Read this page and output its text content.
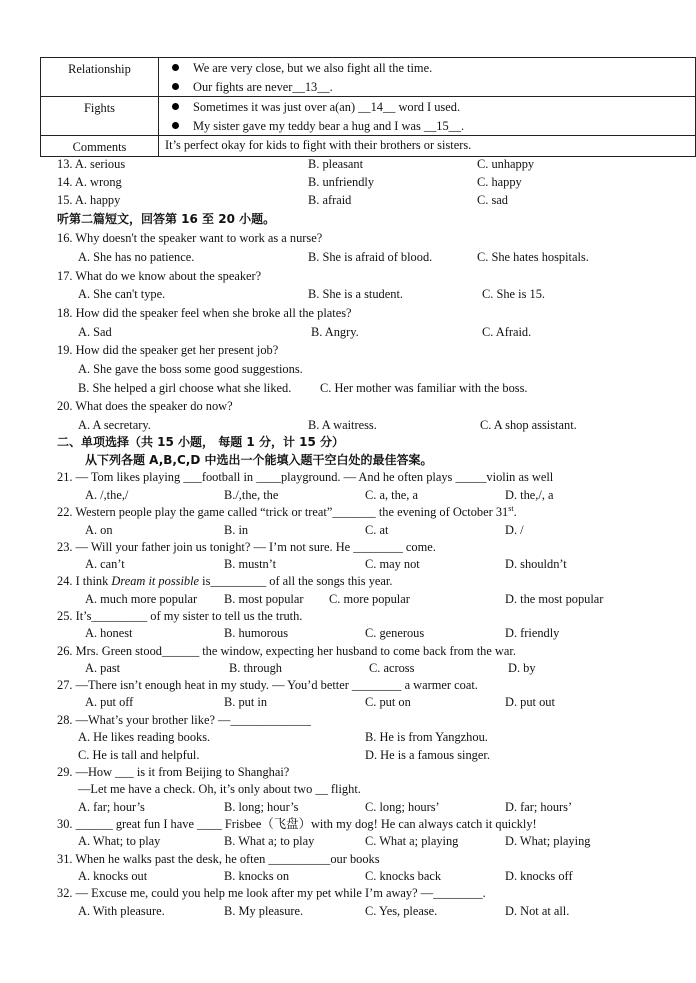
Relationship	We are very close, but we also fight all the time.
Our fights are never__13__.

Fights	Sometimes it was just over a(an) __14__ word I used.
My sister gave my teddy bear a hug and I was __15__.

Comments	It’s perfect okay for kids to fight with their brothers or sisters.
13. A. serious	B. pleasant	C. unhappy
14. A. wrong	B. unfriendly	C. happy
15. A. happy	B. afraid	C. sad
听第二篇短文，回答第 16 至 20 小题。
16. Why doesn't the speaker want to work as a nurse?
A. She has no patience.	B. She is afraid of blood.	C. She hates hospitals.
17. What do we know about the speaker?
A. She can't type.	B. She is a student.	C. She is 15.
18. How did the speaker feel when she broke all the plates?
A. Sad	B. Angry.	C. Afraid.
19. How did the speaker get her present job?
A. She gave the boss some good suggestions.
B. She helped a girl choose what she liked. C. Her mother was familiar with the boss.
20. What does the speaker do now?
A. A secretary.	B. A waitress.	C. A shop assistant.
二、单项选择（共 15 小题， 每题 1 分，计 15 分）
从下列各题 A,B,C,D 中选出一个能填入题干空白处的最佳答案。
21. — Tom likes playing ___football in ____playground. — And he often plays _____violin as well
A. /,the,/	B./,the, the	C. a, the, a	D. the,/, a
22. Western people play the game called “trick or treat”_______ the evening of October 31st.
A. on	B. in	C. at	D. /
23. — Will your father join us tonight? — I’m not sure. He ________ come.
A. can’t	B. mustn’t	C. may not	D. shouldn’t
24. I think Dream it possible is_________ of all the songs this year.
A. much more popular B. most popular C. more popular	D. the most popular
25. It’s_________ of my sister to tell us the truth.
A. honest	B. humorous	C. generous	D. friendly
26. Mrs. Green stood______ the window, expecting her husband to come back from the war.
A. past	B. through	C. across	D. by
27. —There isn’t enough heat in my study. — You’d better ________ a warmer coat.
A. put off	B. put in	C. put on	D. put out
28. —What’s your brother like? —_____________
A. He likes reading books.	B. He is from Yangzhou.
C. He is tall and helpful.	D. He is a famous singer.
29. —How ___ is it from Beijing to Shanghai?
—Let me have a check. Oh, it’s only about two __ flight.
A. far; hour’s	B. long; hour’s	C. long; hours’	D. far; hours’
30. ______ great fun I have ____ Frisbee（飞盘）with my dog! He can always catch it quickly!
A. What; to play	B. What a; to play	C. What a; playing	D. What; playing
31. When he walks past the desk, he often __________our books
A. knocks out	B. knocks on	C. knocks back	D. knocks off
32. — Excuse me, could you help me look after my pet while I’m away? —________.
A. With pleasure.	B. My pleasure.	C. Yes, please.	D. Not at all.
